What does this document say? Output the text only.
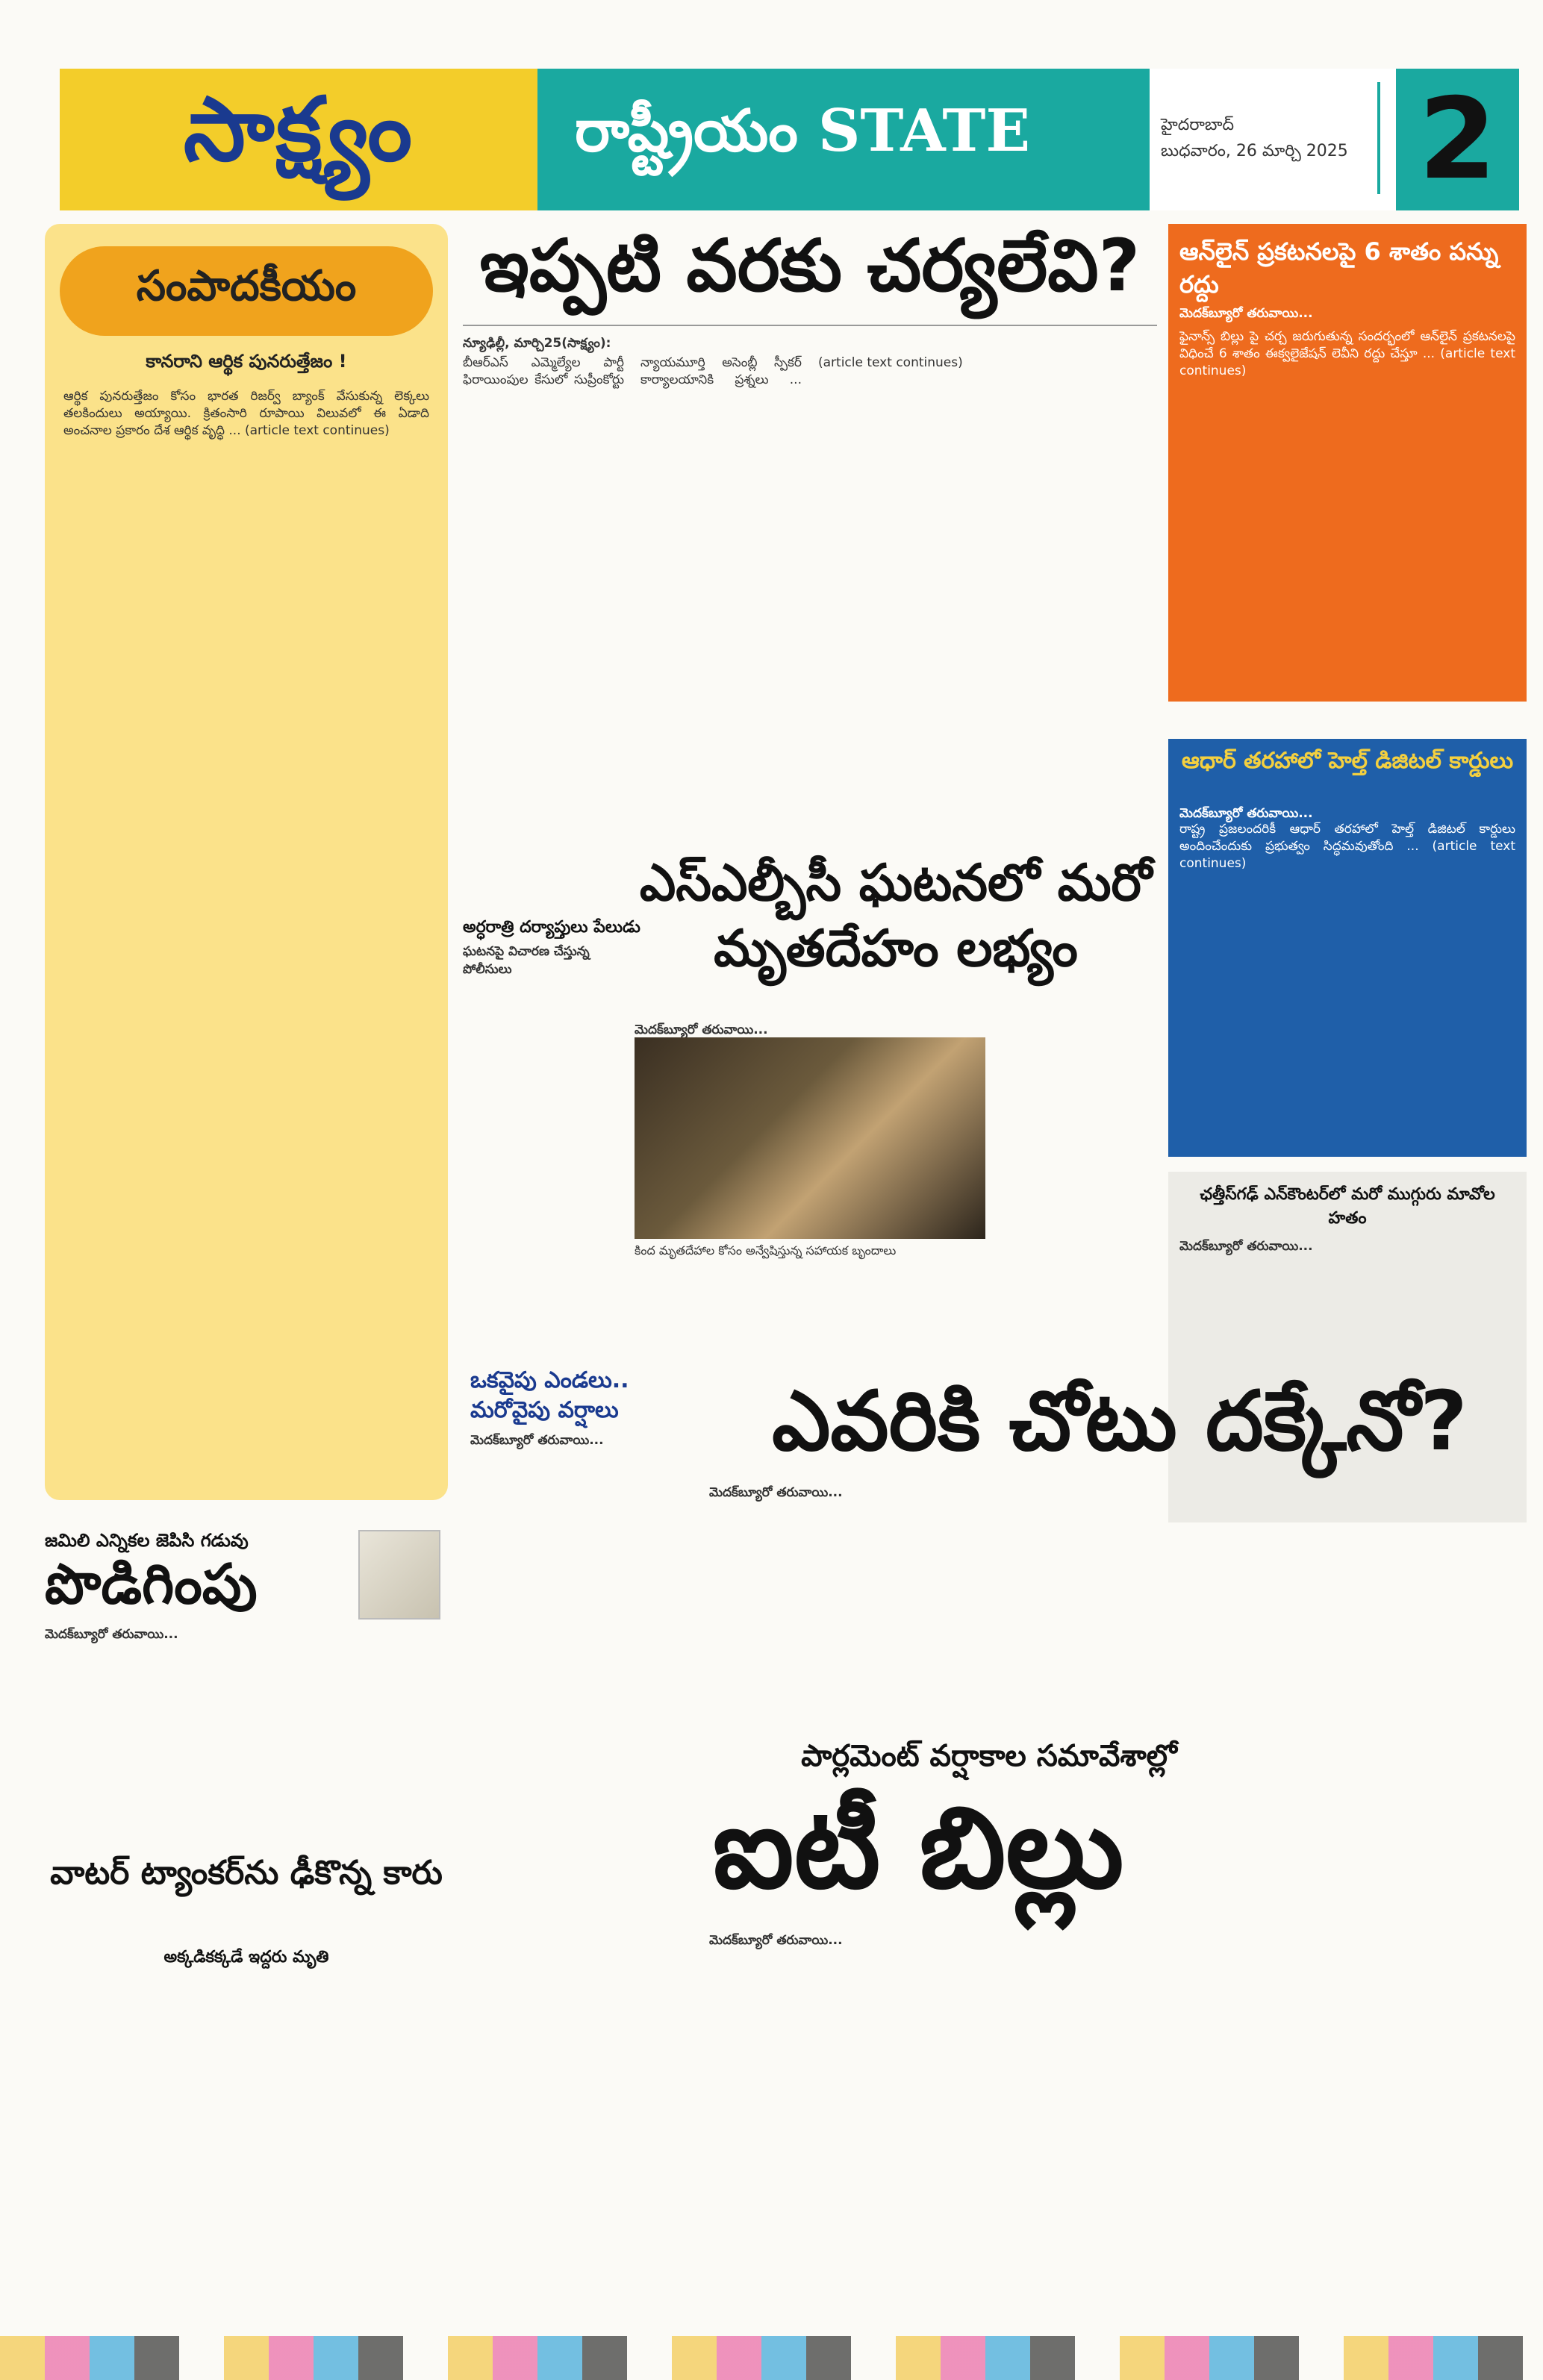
సాక్ష్యం	రాష్ట్రీయం STATE	హైదరాబాద్
బుధవారం, 26 మార్చి 2025 2
సంపాదకీయం
కానరాని ఆర్థిక పునరుత్తేజం !
ఆర్థిక పునరుత్తేజం కోసం భారత రిజర్వ్ బ్యాంక్ వేసుకున్న లెక్కలు తలకిందులు అయ్యాయి. క్రితంసారి రూపాయి విలువలో ఈ ఏడాది అంచనాల ప్రకారం దేశ ఆర్థిక వృద్ధి ... (article text continues)
ఇప్పటి వరకు చర్యలేవి?
న్యూఢిల్లీ, మార్చి25(సాక్ష్యం):
బీఆర్ఎస్ ఎమ్మెల్యేల పార్టీ ఫిరాయింపుల కేసులో సుప్రీంకోర్టు న్యాయమూర్తి అసెంబ్లీ స్పీకర్ కార్యాలయానికి ప్రశ్నలు ... (article text continues)
అర్ధరాత్రి దర్యాప్తులు పేలుడు
ఘటనపై విచారణ చేస్తున్న పోలీసులు
ఎస్ఎల్బీసీ ఘటనలో మరో మృతదేహం లభ్యం
మెదక్‌బ్యూరో తరువాయి...
కింద మృతదేహాల కోసం అన్వేషిస్తున్న సహాయక బృందాలు
ఆన్‌లైన్ ప్రకటనలపై 6 శాతం పన్ను రద్దు
మెదక్‌బ్యూరో తరువాయి...
ఫైనాన్స్ బిల్లు పై చర్చ జరుగుతున్న సందర్భంలో ఆన్‌లైన్ ప్రకటనలపై విధించే 6 శాతం ఈక్వలైజేషన్ లెవీని రద్దు చేస్తూ ... (article text continues)
ఆధార్ తరహాలో హెల్త్ డిజిటల్ కార్డులు
మెదక్‌బ్యూరో తరువాయి...
రాష్ట్ర ప్రజలందరికీ ఆధార్ తరహాలో హెల్త్ డిజిటల్ కార్డులు అందించేందుకు ప్రభుత్వం సిద్ధమవుతోంది ... (article text continues)
ఛత్తీస్‌గఢ్ ఎన్‌కౌంటర్‌లో మరో ముగ్గురు మావోల హతం
మెదక్‌బ్యూరో తరువాయి...
ఒకవైపు ఎండలు.. మరోవైపు వర్షాలు
మెదక్‌బ్యూరో తరువాయి...	ఎవరికి చోటు దక్కేనో?
మెదక్‌బ్యూరో తరువాయి...
జమిలి ఎన్నికల జెపిసి గడువు
పొడిగింపు
మెదక్‌బ్యూరో తరువాయి...
వాటర్ ట్యాంకర్‌ను ఢీకొన్న కారు
అక్కడికక్కడే ఇద్దరు మృతి
పార్లమెంట్ వర్షాకాల సమావేశాల్లో
ఐటీ బిల్లు
మెదక్‌బ్యూరో తరువాయి...
